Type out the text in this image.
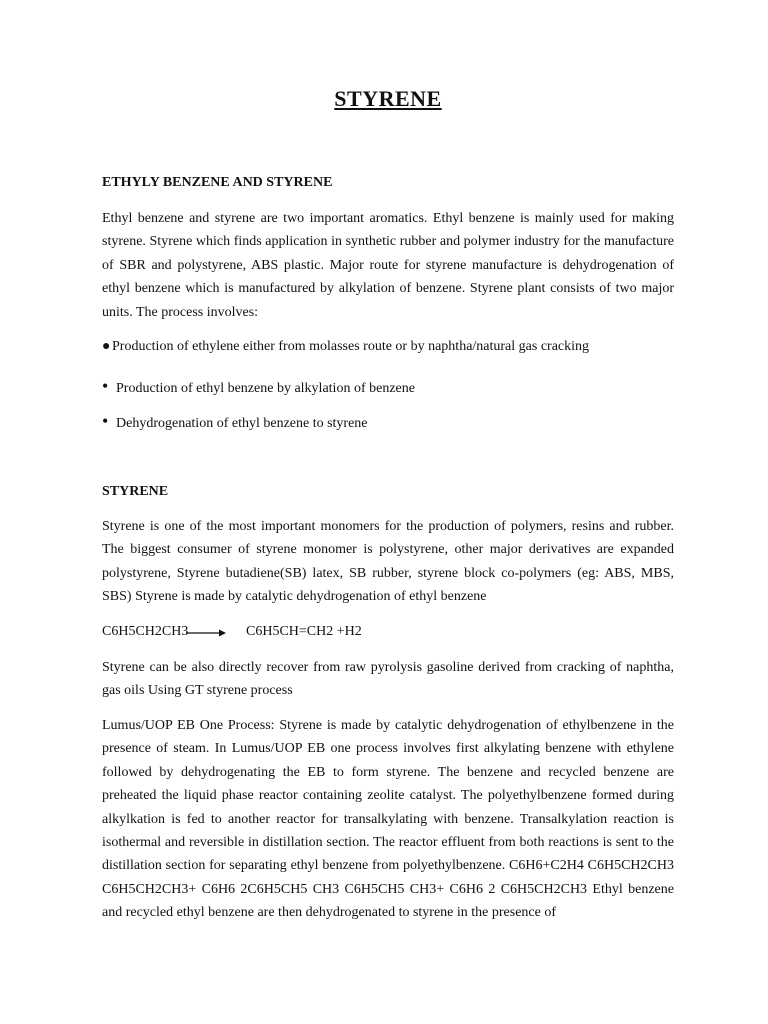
STYRENE
ETHYLY BENZENE AND STYRENE
Ethyl benzene and styrene are two important aromatics. Ethyl benzene is mainly used for making styrene. Styrene which finds application in synthetic rubber and polymer industry for the manufacture of SBR and polystyrene, ABS plastic. Major route for styrene manufacture is dehydrogenation of ethyl benzene which is manufactured by alkylation of benzene. Styrene plant consists of two major units. The process involves:
● Production of ethylene either from molasses route or by naphtha/natural gas cracking
• Production of ethyl benzene by alkylation of benzene
• Dehydrogenation of ethyl benzene to styrene
STYRENE
Styrene is one of the most important monomers for the production of polymers, resins and rubber. The biggest consumer of styrene monomer is polystyrene, other major derivatives are expanded polystyrene, Styrene butadiene(SB) latex, SB rubber, styrene block co-polymers (eg: ABS, MBS, SBS) Styrene is made by catalytic dehydrogenation of ethyl benzene
C6H5CH2CH3 → C6H5CH=CH2 +H2
Styrene can be also directly recover from raw pyrolysis gasoline derived from cracking of naphtha, gas oils Using GT styrene process
Lumus/UOP EB One Process: Styrene is made by catalytic dehydrogenation of ethylbenzene in the presence of steam. In Lumus/UOP EB one process involves first alkylating benzene with ethylene followed by dehydrogenating the EB to form styrene. The benzene and recycled benzene are preheated the liquid phase reactor containing zeolite catalyst. The polyethylbenzene formed during alkylkation is fed to another reactor for transalkylating with benzene. Transalkylation reaction is isothermal and reversible in distillation section. The reactor effluent from both reactions is sent to the distillation section for separating ethyl benzene from polyethylbenzene. C6H6+C2H4 C6H5CH2CH3 C6H5CH2CH3+ C6H6 2C6H5CH5 CH3 C6H5CH5 CH3+ C6H6 2 C6H5CH2CH3 Ethyl benzene and recycled ethyl benzene are then dehydrogenated to styrene in the presence of
